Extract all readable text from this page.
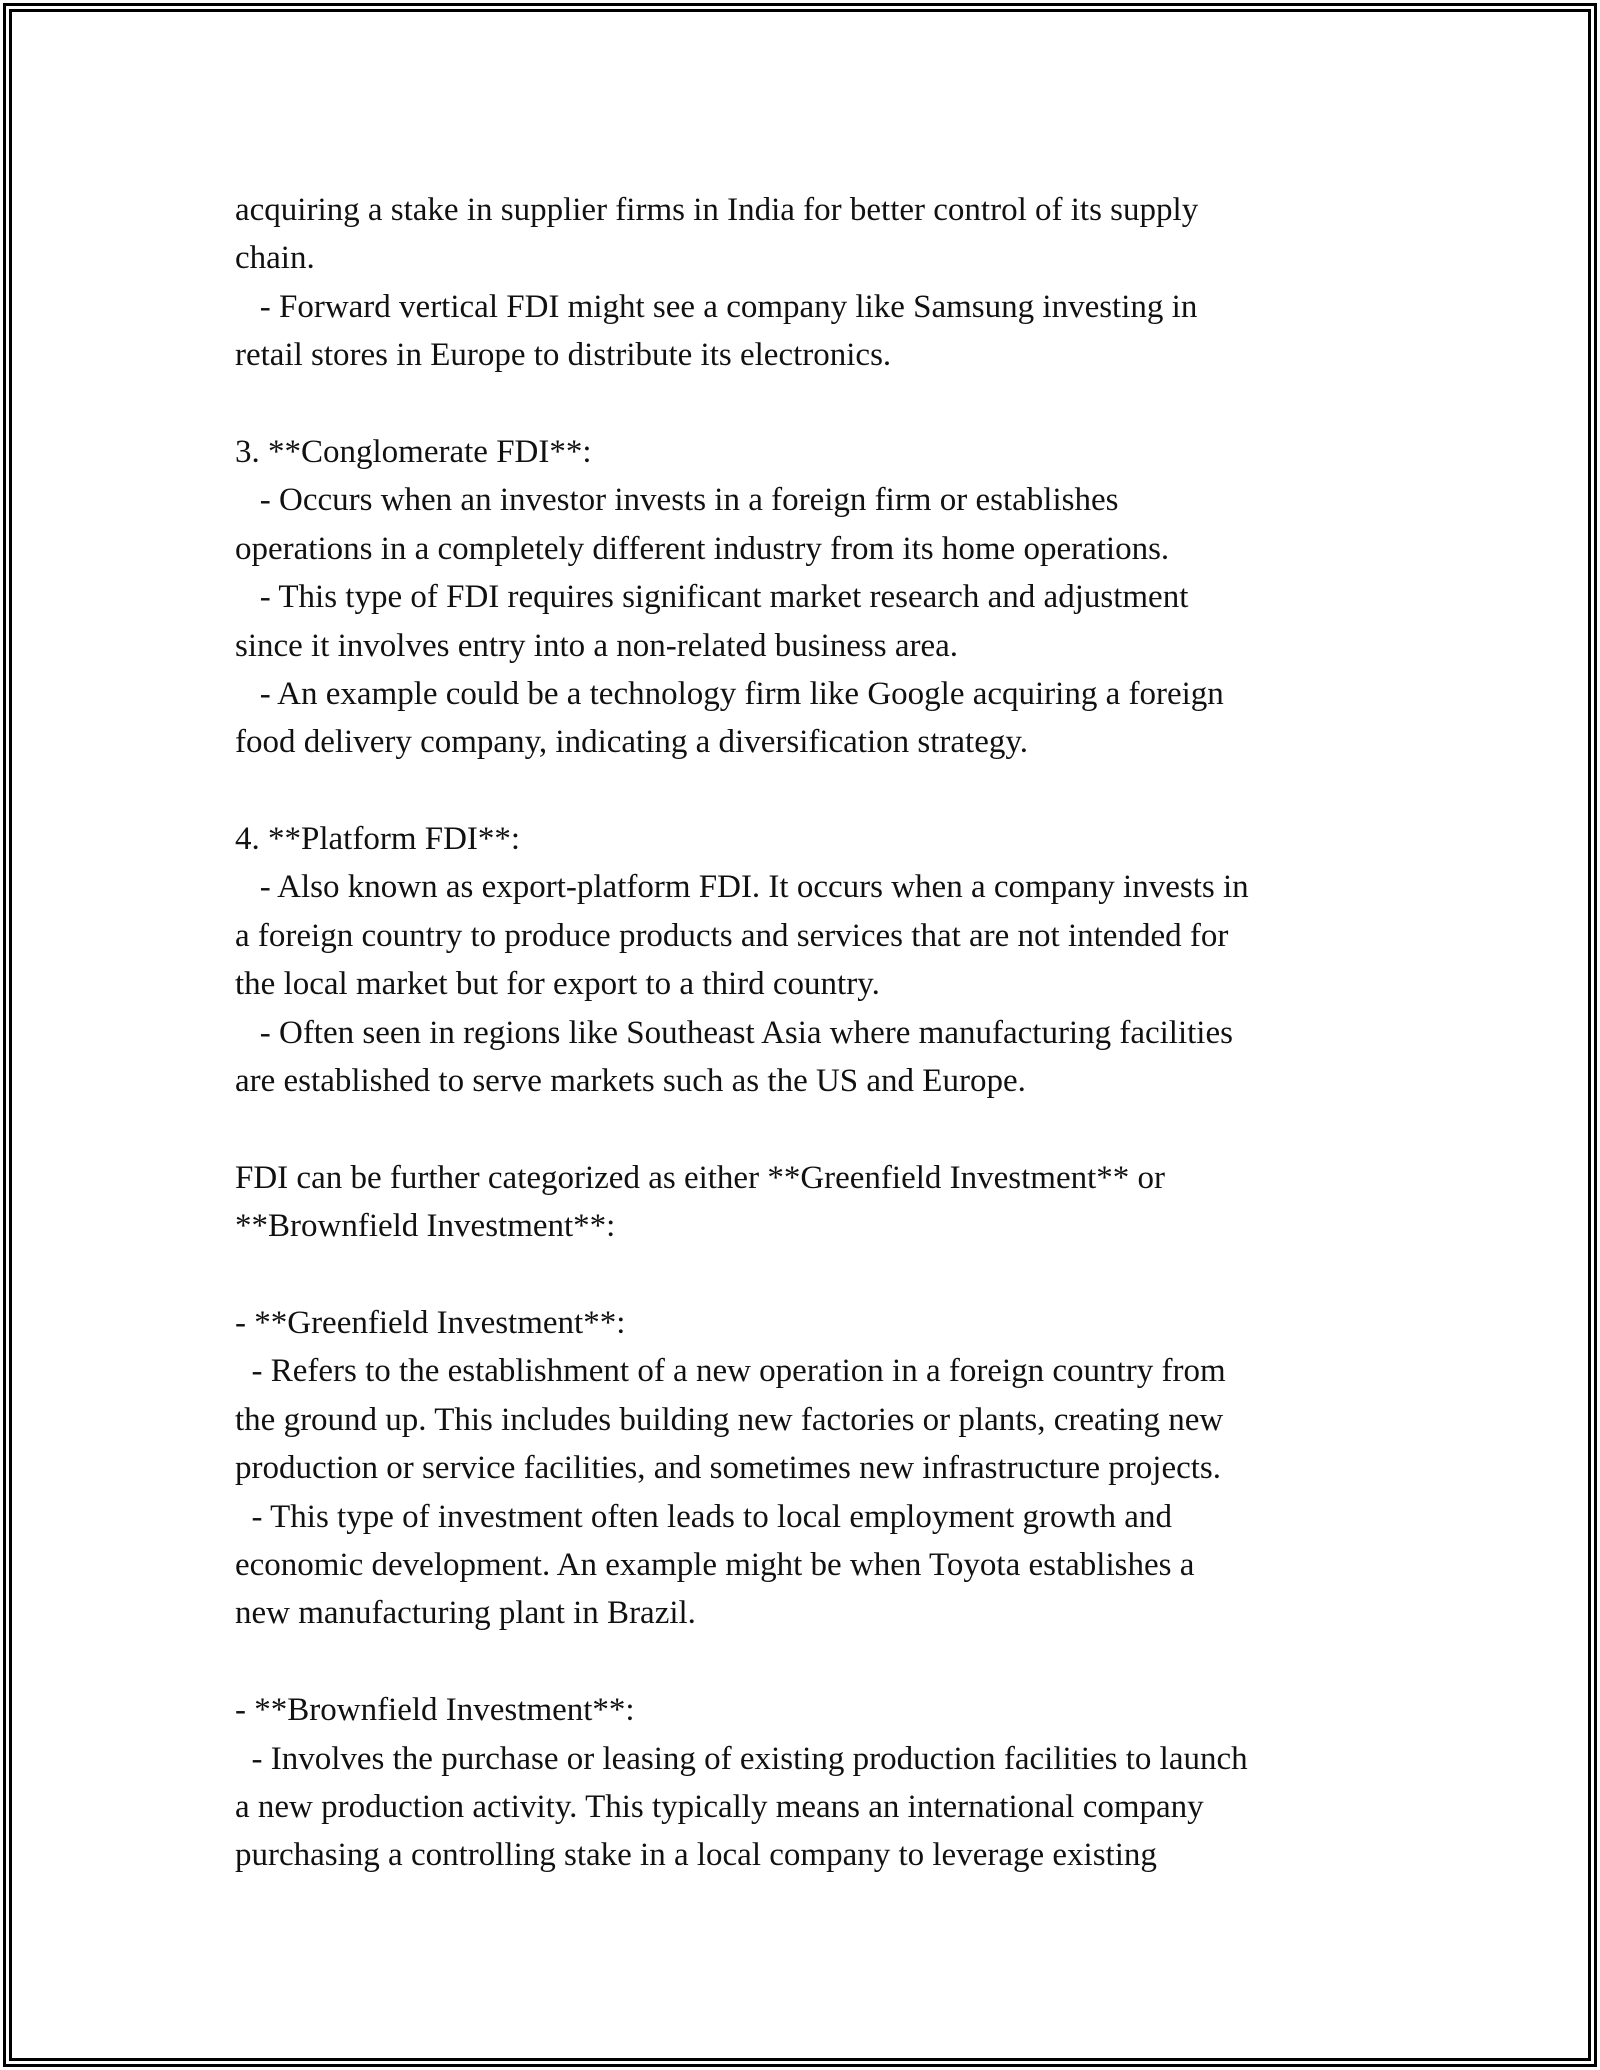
acquiring a stake in supplier firms in India for better control of its supply
chain.
- Forward vertical FDI might see a company like Samsung investing in
retail stores in Europe to distribute its electronics.
3. **Conglomerate FDI**:
- Occurs when an investor invests in a foreign firm or establishes
operations in a completely different industry from its home operations.
- This type of FDI requires significant market research and adjustment
since it involves entry into a non-related business area.
- An example could be a technology firm like Google acquiring a foreign
food delivery company, indicating a diversification strategy.
4. **Platform FDI**:
- Also known as export-platform FDI. It occurs when a company invests in
a foreign country to produce products and services that are not intended for
the local market but for export to a third country.
- Often seen in regions like Southeast Asia where manufacturing facilities
are established to serve markets such as the US and Europe.
FDI can be further categorized as either **Greenfield Investment** or
**Brownfield Investment**:
- **Greenfield Investment**:
- Refers to the establishment of a new operation in a foreign country from
the ground up. This includes building new factories or plants, creating new
production or service facilities, and sometimes new infrastructure projects.
- This type of investment often leads to local employment growth and
economic development. An example might be when Toyota establishes a
new manufacturing plant in Brazil.
- **Brownfield Investment**:
- Involves the purchase or leasing of existing production facilities to launch
a new production activity. This typically means an international company
purchasing a controlling stake in a local company to leverage existing
